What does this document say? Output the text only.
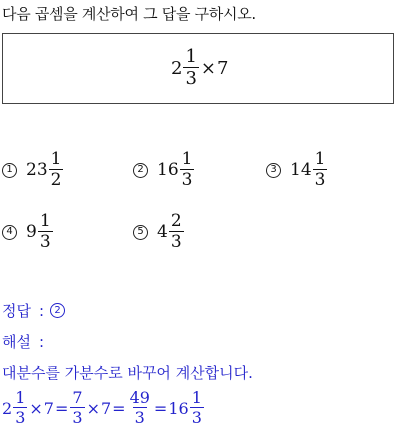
다음 곱셈을 계산하여 그 답을 구하시오.
$2 \frac{1}{3} \times 7$
1 $23 \frac{1}{2}$	2 $16 \frac{1}{3}$	3 $14 \frac{1}{3}$
4 $9 \frac{1}{3}$	5 $4 \frac{2}{3}$
정답 :	2
해설 :
대분수를 가분수로 바꾸어 계산합니다.
$2 \frac{1}{3} \times 7 = \frac{7}{3} \times 7 = \frac{49}{3} = 16 \frac{1}{3}$
